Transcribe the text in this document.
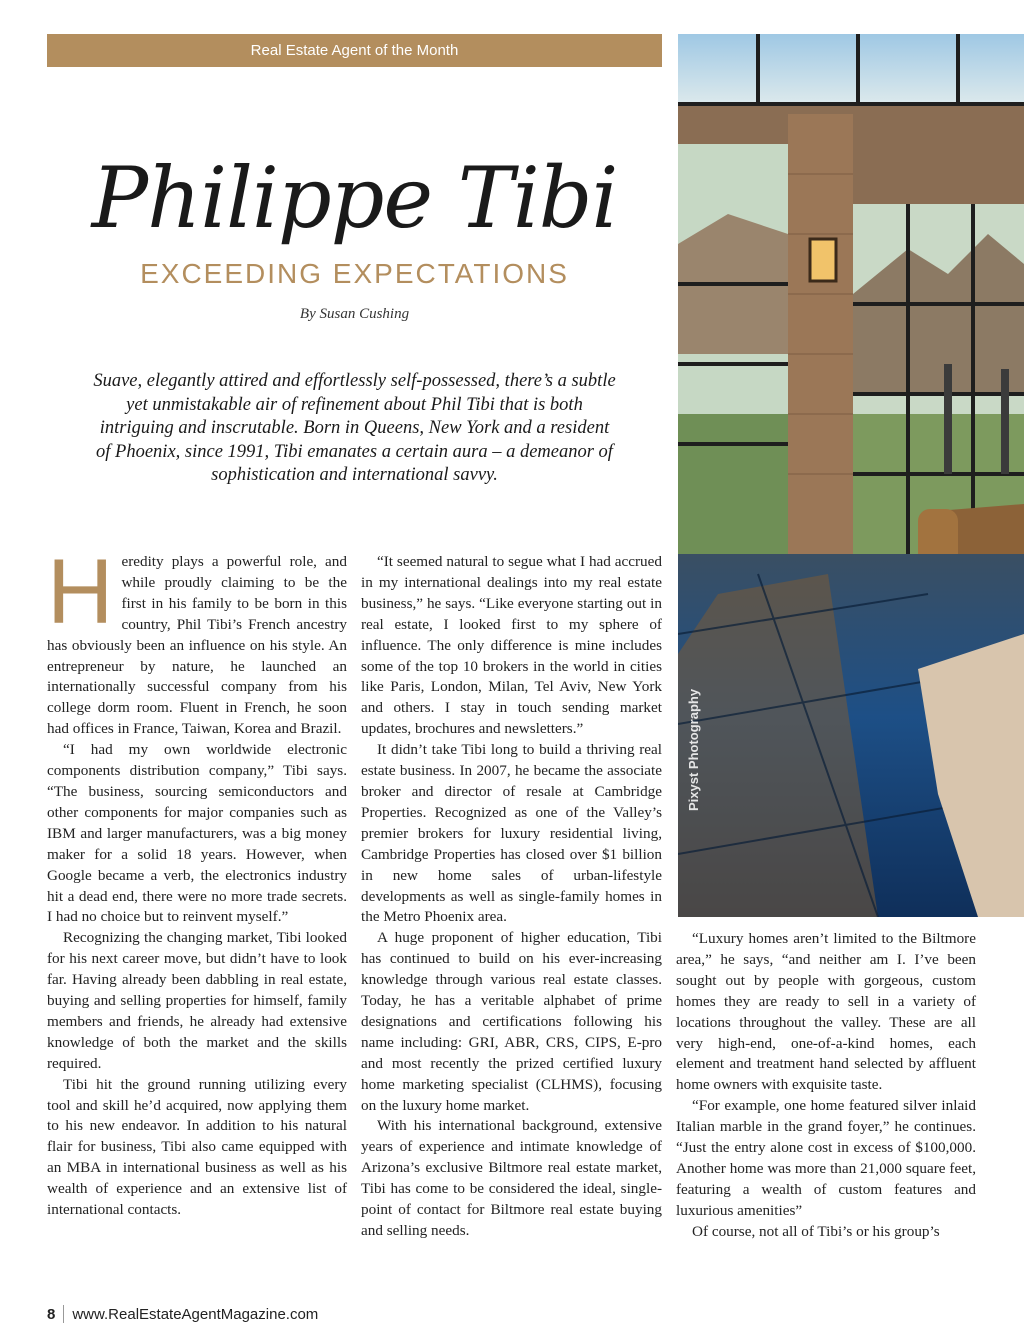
Real Estate Agent of the Month
Philippe Tibi
EXCEEDING EXPECTATIONS
By Susan Cushing
Suave, elegantly attired and effortlessly self-possessed, there’s a subtle yet unmistakable air of refinement about Phil Tibi that is both intriguing and inscrutable. Born in Queens, New York and a resident of Phoenix, since 1991, Tibi emanates a certain aura – a demeanor of sophistication and international savvy.
H eredity plays a powerful role, and while proudly claiming to be the first in his family to be born in this country, Phil Tibi’s French ancestry has obviously been an influence on his style. An entrepreneur by nature, he launched an internationally successful company from his college dorm room. Fluent in French, he soon had offices in France, Taiwan, Korea and Brazil.

“I had my own worldwide electronic components distribution company,” Tibi says. “The business, sourcing semiconductors and other components for major companies such as IBM and larger manufacturers, was a big money maker for a solid 18 years. However, when Google became a verb, the electronics industry hit a dead end, there were no more trade secrets. I had no choice but to reinvent myself.”

Recognizing the changing market, Tibi looked for his next career move, but didn’t have to look far. Having already been dabbling in real estate, buying and selling properties for himself, family members and friends, he already had extensive knowledge of both the market and the skills required.

Tibi hit the ground running utilizing every tool and skill he’d acquired, now applying them to his new endeavor. In addition to his natural flair for business, Tibi also came equipped with an MBA in international business as well as his wealth of experience and an extensive list of international contacts.

“It seemed natural to segue what I had accrued in my international dealings into my real estate business,” he says. “Like everyone starting out in real estate, I looked first to my sphere of influence. The only difference is mine includes some of the top 10 brokers in the world in cities like Paris, London, Milan, Tel Aviv, New York and others. I stay in touch sending market updates, brochures and newsletters.”

It didn’t take Tibi long to build a thriving real estate business. In 2007, he became the associate broker and director of resale at Cambridge Properties. Recognized as one of the Valley’s premier brokers for luxury residential living, Cambridge Properties has closed over $1 billion in new home sales of urban-lifestyle developments as well as single-family homes in the Metro Phoenix area.

A huge proponent of higher education, Tibi has continued to build on his ever-increasing knowledge through various real estate classes. Today, he has a veritable alphabet of prime designations and certifications following his name including: GRI, ABR, CRS, CIPS, E-pro and most recently the prized certified luxury home marketing specialist (CLHMS), focusing on the luxury home market.

With his international background, extensive years of experience and intimate knowledge of Arizona’s exclusive Biltmore real estate market, Tibi has come to be considered the ideal, single-point of contact for Biltmore real estate buying and selling needs.

“Luxury homes aren’t limited to the Biltmore area,” he says, “and neither am I. I’ve been sought out by people with gorgeous, custom homes they are ready to sell in a variety of locations throughout the valley. These are all very high-end, one-of-a-kind homes, each element and treatment hand selected by affluent home owners with exquisite taste.

“For example, one home featured silver inlaid Italian marble in the grand foyer,” he continues. “Just the entry alone cost in excess of $100,000. Another home was more than 21,000 square feet, featuring a wealth of custom features and luxurious amenities”

Of course, not all of Tibi’s or his group’s

Pixyst Photography
8 www.RealEstateAgentMagazine.com
